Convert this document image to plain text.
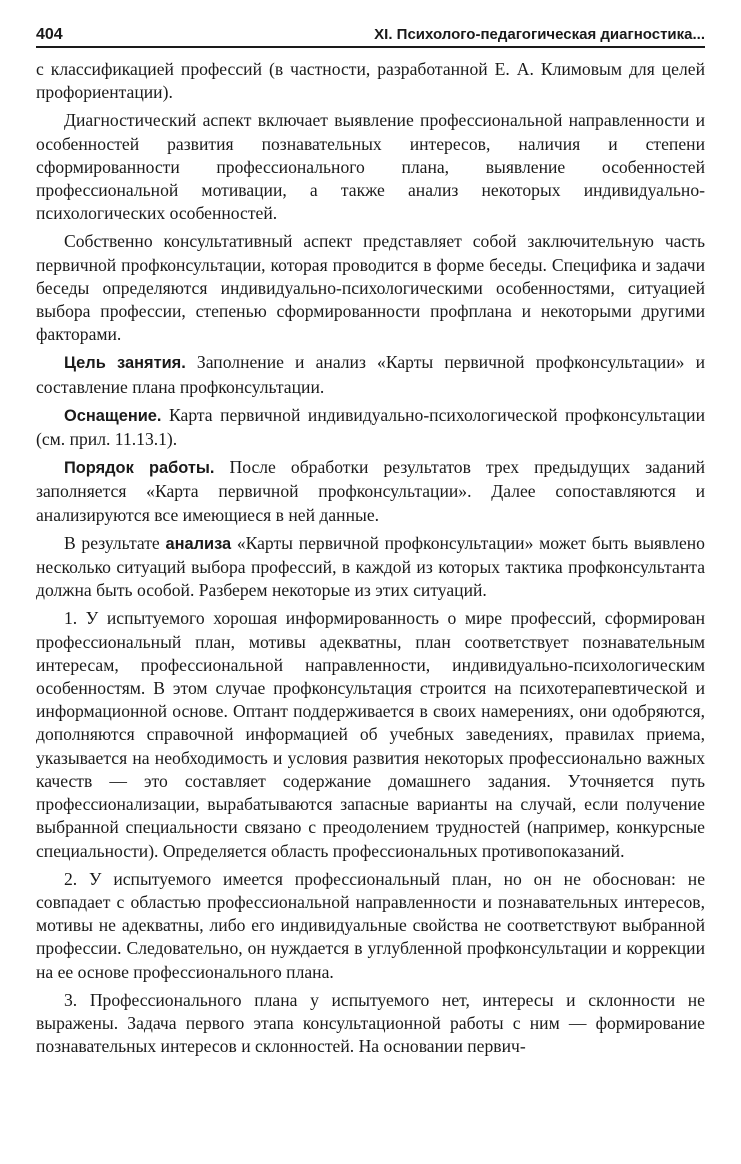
404	XI. Психолого-педагогическая диагностика...

с классификацией профессий (в частности, разработанной Е. А. Климовым для целей профориентации).

Диагностический аспект включает выявление профессиональной направленности и особенностей развития познавательных интересов, наличия и степени сформированности профессионального плана, выявление особенностей профессиональной мотивации, а также анализ некоторых индивидуально-психологических особенностей.

Собственно консультативный аспект представляет собой заключительную часть первичной профконсультации, которая проводится в форме беседы. Специфика и задачи беседы определяются индивидуально-психологическими особенностями, ситуацией выбора профессии, степенью сформированности профплана и некоторыми другими факторами.

Цель занятия. Заполнение и анализ «Карты первичной профконсультации» и составление плана профконсультации.

Оснащение. Карта первичной индивидуально-психологической профконсультации (см. прил. 11.13.1).

Порядок работы. После обработки результатов трех предыдущих заданий заполняется «Карта первичной профконсультации». Далее сопоставляются и анализируются все имеющиеся в ней данные.

В результате анализа «Карты первичной профконсультации» может быть выявлено несколько ситуаций выбора профессий, в каждой из которых тактика профконсультанта должна быть особой. Разберем некоторые из этих ситуаций.

1. У испытуемого хорошая информированность о мире профессий, сформирован профессиональный план, мотивы адекватны, план соответствует познавательным интересам, профессиональной направленности, индивидуально-психологическим особенностям. В этом случае профконсультация строится на психотерапевтической и информационной основе. Оптант поддерживается в своих намерениях, они одобряются, дополняются справочной информацией об учебных заведениях, правилах приема, указывается на необходимость и условия развития некоторых профессионально важных качеств — это составляет содержание домашнего задания. Уточняется путь профессионализации, вырабатываются запасные варианты на случай, если получение выбранной специальности связано с преодолением трудностей (например, конкурсные специальности). Определяется область профессиональных противопоказаний.

2. У испытуемого имеется профессиональный план, но он не обоснован: не совпадает с областью профессиональной направленности и познавательных интересов, мотивы не адекватны, либо его индивидуальные свойства не соответствуют выбранной профессии. Следовательно, он нуждается в углубленной профконсультации и коррекции на ее основе профессионального плана.

3. Профессионального плана у испытуемого нет, интересы и склонности не выражены. Задача первого этапа консультационной работы с ним — формирование познавательных интересов и склонностей. На основании первич-
